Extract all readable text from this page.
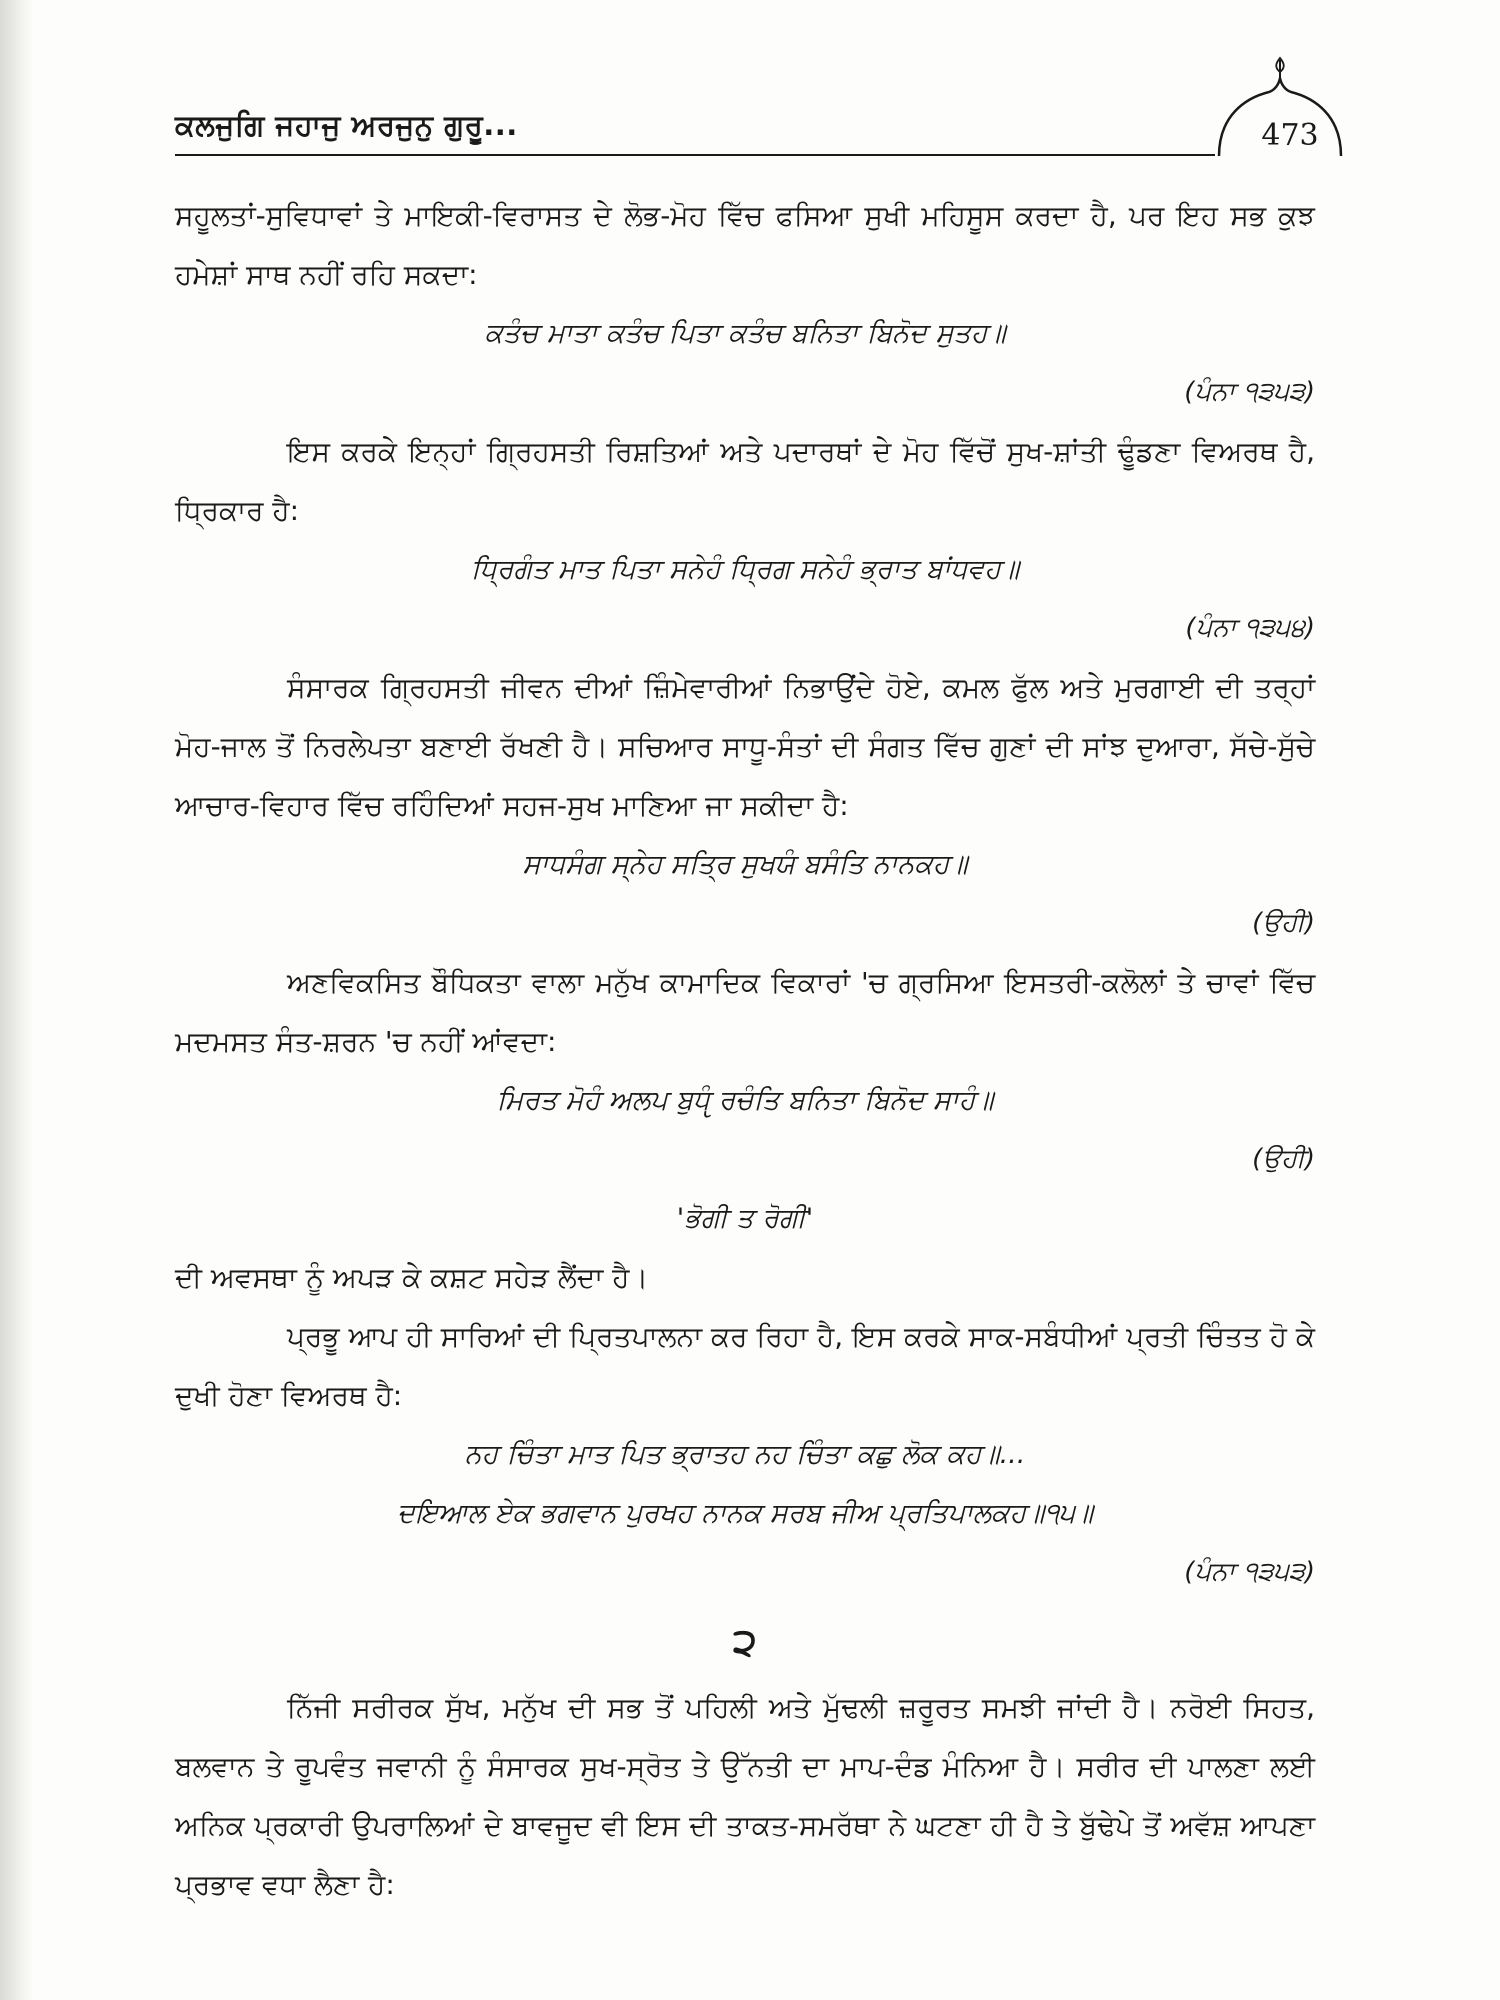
ਕਲਜੁਗਿ ਜਹਾਜੁ ਅਰਜੁਨੁ ਗੁਰੂ...	473

ਸਹੂਲਤਾਂ-ਸੁਵਿਧਾਵਾਂ ਤੇ ਮਾਇਕੀ-ਵਿਰਾਸਤ ਦੇ ਲੋਭ-ਮੋਹ ਵਿੱਚ ਫਸਿਆ ਸੁਖੀ ਮਹਿਸੂਸ ਕਰਦਾ ਹੈ, ਪਰ ਇਹ ਸਭ ਕੁਝ ਹਮੇਸ਼ਾਂ ਸਾਥ ਨਹੀਂ ਰਹਿ ਸਕਦਾ:

ਕਤੰਚ ਮਾਤਾ ਕਤੰਚ ਪਿਤਾ ਕਤੰਚ ਬਨਿਤਾ ਬਿਨੋਦ ਸੁਤਹ॥

(ਪੰਨਾ ੧੩੫੩)

ਇਸ ਕਰਕੇ ਇਨ੍ਹਾਂ ਗ੍ਰਿਹਸਤੀ ਰਿਸ਼ਤਿਆਂ ਅਤੇ ਪਦਾਰਥਾਂ ਦੇ ਮੋਹ ਵਿੱਚੋਂ ਸੁਖ-ਸ਼ਾਂਤੀ ਢੂੰਡਣਾ ਵਿਅਰਥ ਹੈ, ਧ੍ਰਿਕਾਰ ਹੈ:

ਧ੍ਰਿਗੰਤ ਮਾਤ ਪਿਤਾ ਸਨੇਹੰ ਧ੍ਰਿਗ ਸਨੇਹੰ ਭ੍ਰਾਤ ਬਾਂਧਵਹ॥

(ਪੰਨਾ ੧੩੫੪)

ਸੰਸਾਰਕ ਗ੍ਰਿਹਸਤੀ ਜੀਵਨ ਦੀਆਂ ਜ਼ਿੰਮੇਵਾਰੀਆਂ ਨਿਭਾਉਂਦੇ ਹੋਏ, ਕਮਲ ਫੁੱਲ ਅਤੇ ਮੁਰਗਾਈ ਦੀ ਤਰ੍ਹਾਂ ਮੋਹ-ਜਾਲ ਤੋਂ ਨਿਰਲੇਪਤਾ ਬਣਾਈ ਰੱਖਣੀ ਹੈ। ਸਚਿਆਰ ਸਾਧੂ-ਸੰਤਾਂ ਦੀ ਸੰਗਤ ਵਿੱਚ ਗੁਣਾਂ ਦੀ ਸਾਂਝ ਦੁਆਰਾ, ਸੱਚੇ-ਸੁੱਚੇ ਆਚਾਰ-ਵਿਹਾਰ ਵਿੱਚ ਰਹਿੰਦਿਆਂ ਸਹਜ-ਸੁਖ ਮਾਣਿਆ ਜਾ ਸਕੀਦਾ ਹੈ:

ਸਾਧਸੰਗ ਸ੍ਨੇਹ ਸਤ੍ਰਿ ਸੁਖਯੰ ਬਸੰਤਿ ਨਾਨਕਹ॥

(ਉਹੀ)

ਅਣਵਿਕਸਿਤ ਬੌਧਿਕਤਾ ਵਾਲਾ ਮਨੁੱਖ ਕਾਮਾਦਿਕ ਵਿਕਾਰਾਂ 'ਚ ਗ੍ਰਸਿਆ ਇਸਤਰੀ-ਕਲੋਲਾਂ ਤੇ ਚਾਵਾਂ ਵਿੱਚ ਮਦਮਸਤ ਸੰਤ-ਸ਼ਰਨ 'ਚ ਨਹੀਂ ਆਂਵਦਾ:

ਮਿਰਤ ਮੋਹੰ ਅਲਪ ਬੁਧੵੰ ਰਚੰਤਿ ਬਨਿਤਾ ਬਿਨੋਦ ਸਾਹੰ॥

(ਉਹੀ)

'ਭੋਗੀ ਤ ਰੋਗੀ'

ਦੀ ਅਵਸਥਾ ਨੂੰ ਅਪੜ ਕੇ ਕਸ਼ਟ ਸਹੇੜ ਲੈਂਦਾ ਹੈ।

ਪ੍ਰਭੂ ਆਪ ਹੀ ਸਾਰਿਆਂ ਦੀ ਪ੍ਰਿਤਪਾਲਨਾ ਕਰ ਰਿਹਾ ਹੈ, ਇਸ ਕਰਕੇ ਸਾਕ-ਸਬੰਧੀਆਂ ਪ੍ਰਤੀ ਚਿੰਤਤ ਹੋ ਕੇ ਦੁਖੀ ਹੋਣਾ ਵਿਅਰਥ ਹੈ:

ਨਹ ਚਿੰਤਾ ਮਾਤ ਪਿਤ ਭ੍ਰਾਤਹ ਨਹ ਚਿੰਤਾ ਕਛੁ ਲੋਕ ਕਹ॥...

ਦਇਆਲ ਏਕ ਭਗਵਾਨ ਪੁਰਖਹ ਨਾਨਕ ਸਰਬ ਜੀਅ ਪ੍ਰਤਿਪਾਲਕਹ॥੧੫॥

(ਪੰਨਾ ੧੩੫੩)

੨

ਨਿੱਜੀ ਸਰੀਰਕ ਸੁੱਖ, ਮਨੁੱਖ ਦੀ ਸਭ ਤੋਂ ਪਹਿਲੀ ਅਤੇ ਮੁੱਢਲੀ ਜ਼ਰੂਰਤ ਸਮਝੀ ਜਾਂਦੀ ਹੈ। ਨਰੋਈ ਸਿਹਤ, ਬਲਵਾਨ ਤੇ ਰੂਪਵੰਤ ਜਵਾਨੀ ਨੂੰ ਸੰਸਾਰਕ ਸੁਖ-ਸ੍ਰੋਤ ਤੇ ਉੱਨਤੀ ਦਾ ਮਾਪ-ਦੰਡ ਮੰਨਿਆ ਹੈ। ਸਰੀਰ ਦੀ ਪਾਲਣਾ ਲਈ ਅਨਿਕ ਪ੍ਰਕਾਰੀ ਉਪਰਾਲਿਆਂ ਦੇ ਬਾਵਜੂਦ ਵੀ ਇਸ ਦੀ ਤਾਕਤ-ਸਮਰੱਥਾ ਨੇ ਘਟਣਾ ਹੀ ਹੈ ਤੇ ਬੁੱਢੇਪੇ ਤੋਂ ਅਵੱਸ਼ ਆਪਣਾ ਪ੍ਰਭਾਵ ਵਧਾ ਲੈਣਾ ਹੈ:
